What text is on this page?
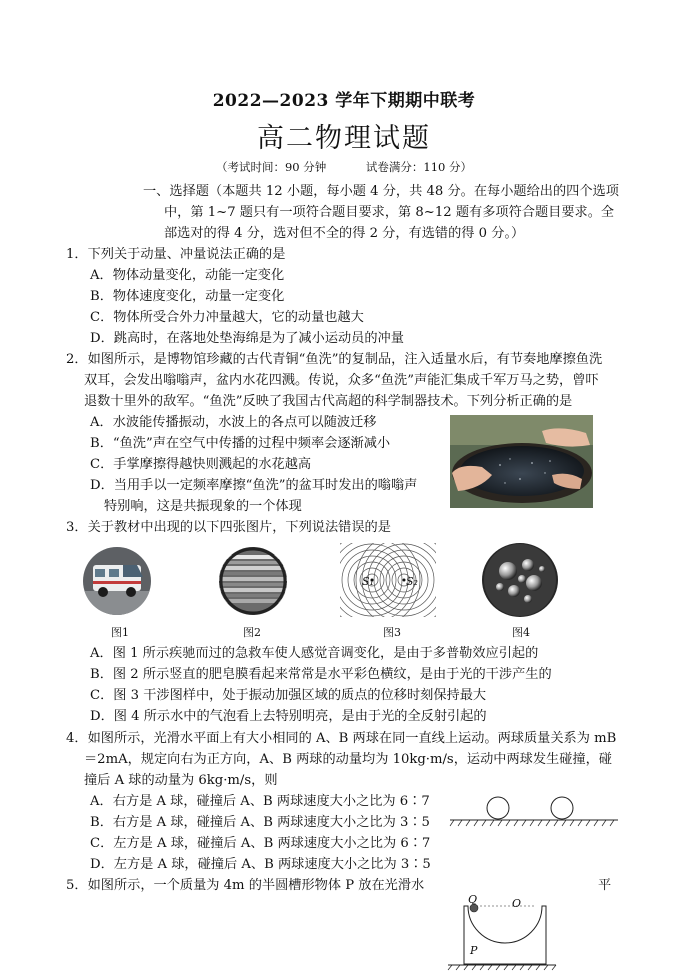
2022—2023 学年下期期中联考
高二物理试题
（考试时间：90 分钟	试卷满分：110 分）
一、选择题（本题共 12 小题，每小题 4 分，共 48 分。在每小题给出的四个选项
中，第 1~7 题只有一项符合题目要求，第 8~12 题有多项符合题目要求。全
部选对的得 4 分，选对但不全的得 2 分，有选错的得 0 分。）
1．下列关于动量、冲量说法正确的是
A．物体动量变化，动能一定变化
B．物体速度变化，动量一定变化
C．物体所受合外力冲量越大，它的动量也越大
D．跳高时，在落地处垫海绵是为了减小运动员的冲量
2．如图所示，是博物馆珍藏的古代青铜“鱼洗”的复制品，注入适量水后，有节奏地摩擦鱼洗
双耳，会发出嗡嗡声，盆内水花四溅。传说，众多“鱼洗”声能汇集成千军万马之势，曾吓
退数十里外的敌军。“鱼洗”反映了我国古代高超的科学制器技术。下列分析正确的是
A．水波能传播振动，水波上的各点可以随波迁移
B．“鱼洗”声在空气中传播的过程中频率会逐渐减小
C．手掌摩擦得越快则溅起的水花越高
D．当用手以一定频率摩擦“鱼洗”的盆耳时发出的嗡嗡声
特别响，这是共振现象的一个体现
3．关于教材中出现的以下四张图片，下列说法错误的是
S₁	S₂
图1	图2	图3	图4
A．图 1 所示疾驰而过的急救车使人感觉音调变化，是由于多普勒效应引起的
B．图 2 所示竖直的肥皂膜看起来常常是水平彩色横纹，是由于光的干涉产生的
C．图 3 干涉图样中，处于振动加强区域的质点的位移时刻保持最大
D．图 4 所示水中的气泡看上去特别明亮，是由于光的全反射引起的
4．如图所示，光滑水平面上有大小相同的 A、B 两球在同一直线上运动。两球质量关系为 mB
＝2mA，规定向右为正方向，A、B 两球的动量均为 10kg·m/s，运动中两球发生碰撞，碰
撞后 A 球的动量为 6kg·m/s，则
A．右方是 A 球，碰撞后 A、B 两球速度大小之比为 6∶7
B．右方是 A 球，碰撞后 A、B 两球速度大小之比为 3∶5
C．左方是 A 球，碰撞后 A、B 两球速度大小之比为 6∶7
D．左方是 A 球，碰撞后 A、B 两球速度大小之比为 3∶5
5．如图所示，一个质量为 4m 的半圆槽形物体 P 放在光滑水	平
Q	O
P
